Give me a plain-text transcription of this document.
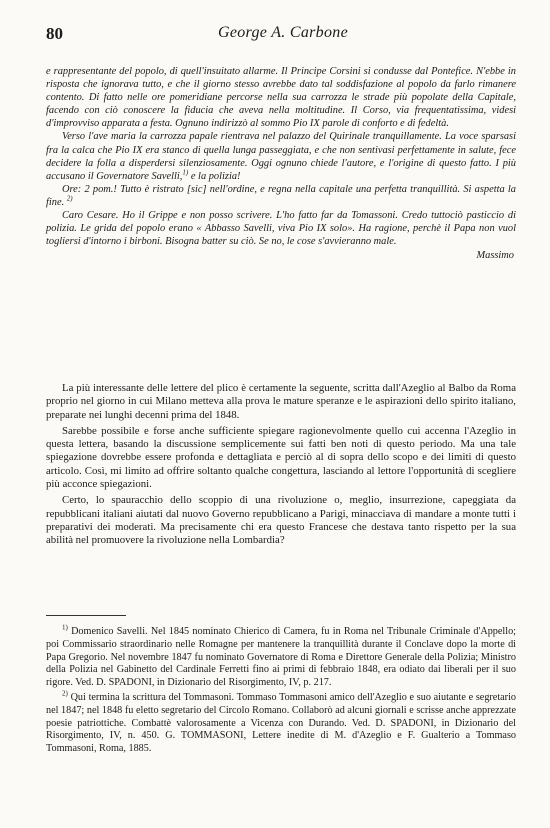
80	George A. Carbone

e rappresentante del popolo, di quell'insuitato allarme. Il Principe Corsini si condusse dal Pontefice. N'ebbe in risposta che ignorava tutto, e che il giorno stesso avrebbe dato tal soddisfazione al popolo da farlo rimanere contento. Di fatto nelle ore pomeridiane percorse nella sua carrozza le strade più popolate della Capitale, facendo con ciò conoscere la fiducia che aveva nella moltitudine. Il Corso, via frequentatissima, videsi d'improvviso apparata a festa. Ognuno indirizzò al sommo Pio IX parole di conforto e di fedeltà.

Verso l'ave maria la carrozza papale rientrava nel palazzo del Quirinale tranquillamente. La voce sparsasi fra la calca che Pio IX era stanco di quella lunga passeggiata, e che non sentivasi perfettamente in salute, fece decidere la folla a disperdersi silenziosamente. Oggi ognuno chiede l'autore, e l'origine di questo fatto. I più accusano il Governatore Savelli,$^{1)}$ e la polizia!

Ore: 2 pom.! Tutto è ristrato [sic] nell'ordine, e regna nella capitale una perfetta tranquillità. Si aspetta la fine. $^{2)}$

Caro Cesare. Ho il Grippe e non posso scrivere. L'ho fatto far da Tomassoni. Credo tuttociò pasticcio di polizia. Le grida del popolo erano « Abbasso Savelli, viva Pio IX solo». Ha ragione, perchè il Papa non vuol togliersi d'intorno i birboni. Bisogna batter su ciò. Se no, le cose s'avvieranno male.

Massimo

La più interessante delle lettere del plico è certamente la seguente, scritta dall'Azeglio al Balbo da Roma proprio nel giorno in cui Milano metteva alla prova le mature speranze e le aspirazioni dello spirito italiano, preparate nei lunghi decenni prima del 1848.

Sarebbe possibile e forse anche sufficiente spiegare ragionevolmente quello cui accenna l'Azeglio in questa lettera, basando la discussione semplicemente sui fatti ben noti di questo periodo. Ma una tale spiegazione dovrebbe essere profonda e dettagliata e perciò al di sopra dello scopo e dei limiti di questo articolo. Così, mi limito ad offrire soltanto qualche congettura, lasciando al lettore l'opportunità di scegliere più acconce spiegazioni.

Certo, lo spauracchio dello scoppio di una rivoluzione o, meglio, insurrezione, capeggiata da repubblicani italiani aiutati dal nuovo Governo repubblicano a Parigi, minacciava di mandare a monte tutti i preparativi dei moderati. Ma precisamente chi era questo Francese che destava tanto rispetto per la sua abilità nel promuovere la rivoluzione nella Lombardia?

$^{1)}$ Domenico Savelli. Nel 1845 nominato Chierico di Camera, fu in Roma nel Tribunale Criminale d'Appello; poi Commissario straordinario nelle Romagne per mantenere la tranquillità durante il Conclave dopo la morte di Papa Gregorio. Nel novembre 1847 fu nominato Governatore di Roma e Direttore Generale della Polizia; Ministro della Polizia nel Gabinetto del Cardinale Ferretti fino ai primi di febbraio 1848, era odiato dai liberali per il suo rigore. Ved. D. SPADONI, in Dizionario del Risorgimento, IV, p. 217.

$^{2)}$ Qui termina la scrittura del Tommasoni. Tommaso Tommasoni amico dell'Azeglio e suo aiutante e segretario nel 1847; nel 1848 fu eletto segretario del Circolo Romano. Collaborò ad alcuni giornali e scrisse anche apprezzate poesie patriottiche. Combattè valorosamente a Vicenza con Durando. Ved. D. SPADONI, in Dizionario del Risorgimento, IV, n. 450. G. TOMMASONI, Lettere inedite di M. d'Azeglio e F. Gualterio a Tommaso Tommasoni, Roma, 1885.
